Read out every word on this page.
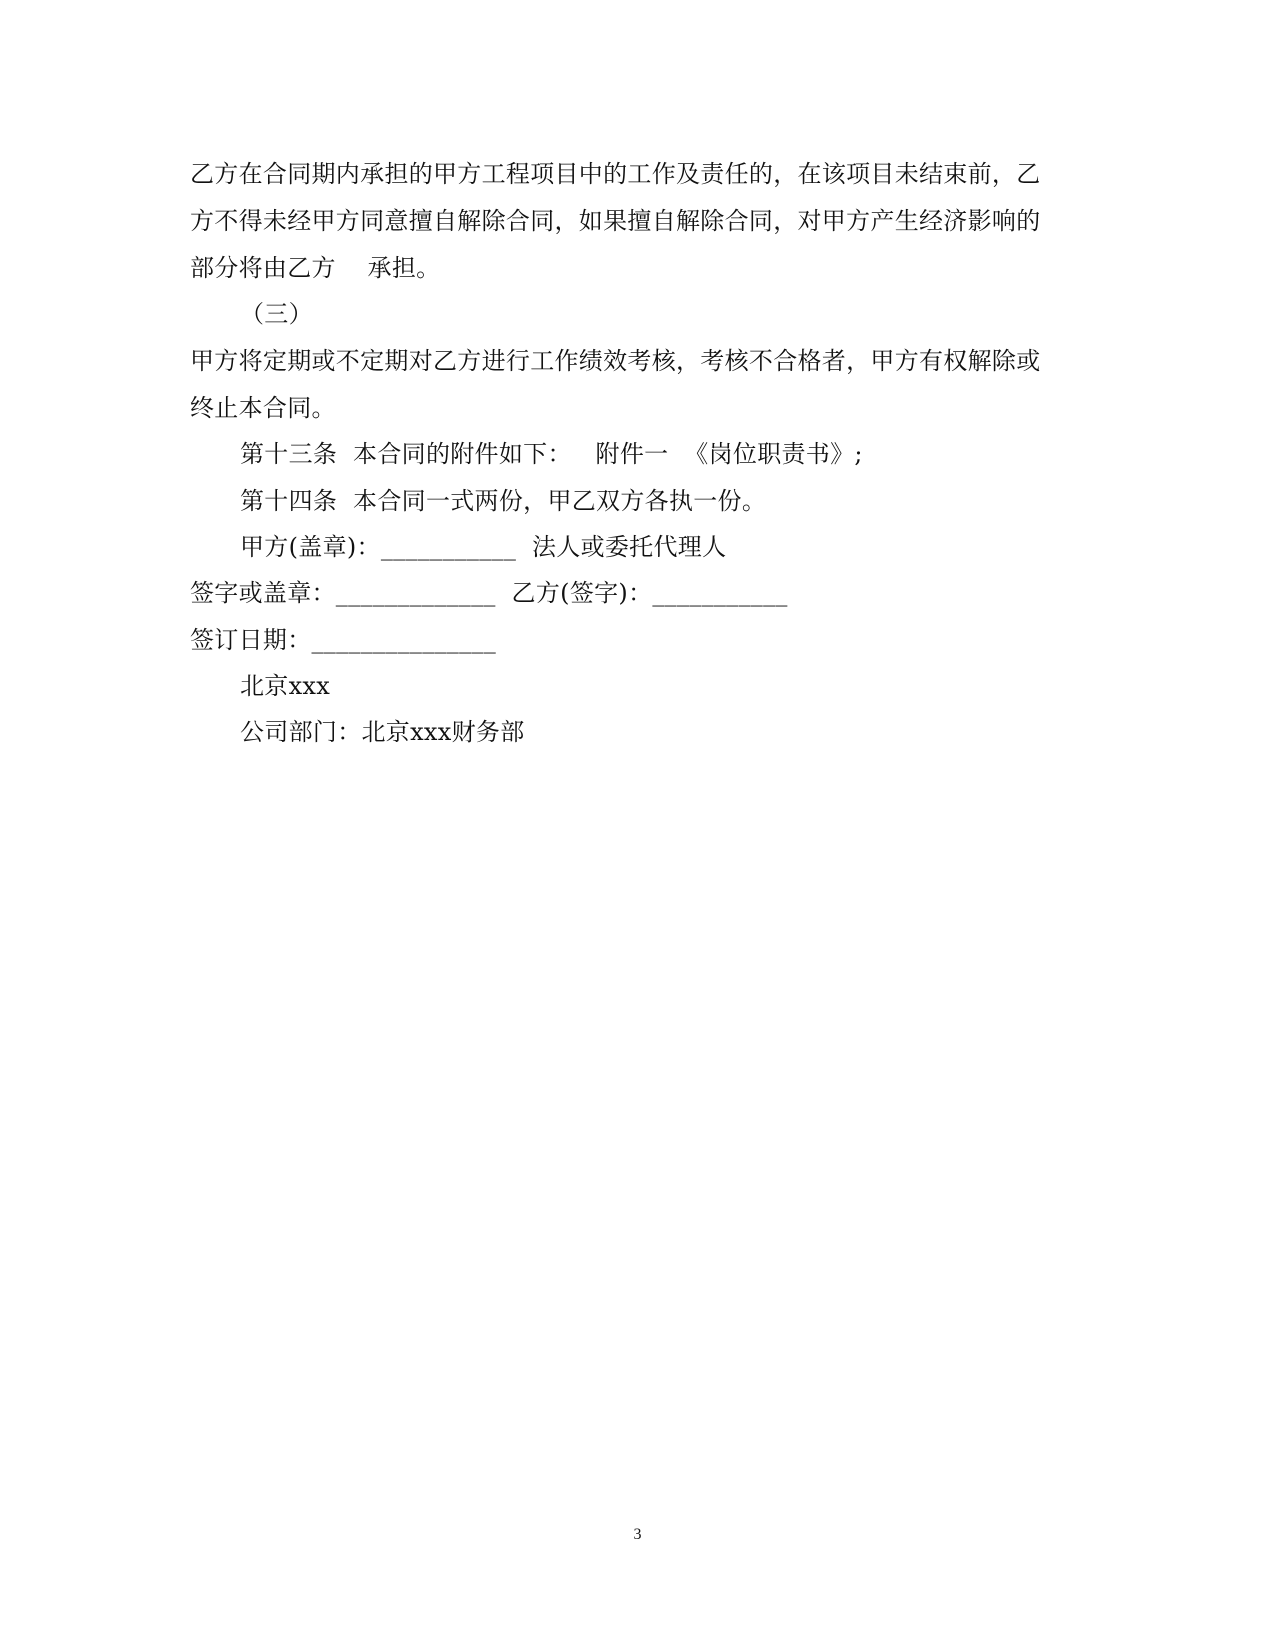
乙方在合同期内承担的甲方工程项目中的工作及责任的，在该项目未结束前，乙
方不得未经甲方同意擅自解除合同，如果擅自解除合同，对甲方产生经济影响的
部分将由乙方    承担。
（三）
甲方将定期或不定期对乙方进行工作绩效考核，考核不合格者，甲方有权解除或
终止本合同。
第十三条  本合同的附件如下：   附件一  《岗位职责书》;
第十四条  本合同一式两份，甲乙双方各执一份。
甲方(盖章)：___________  法人或委托代理人
签字或盖章：_____________  乙方(签字)：___________
签订日期：_______________
北京xxx
公司部门：北京xxx财务部
3
